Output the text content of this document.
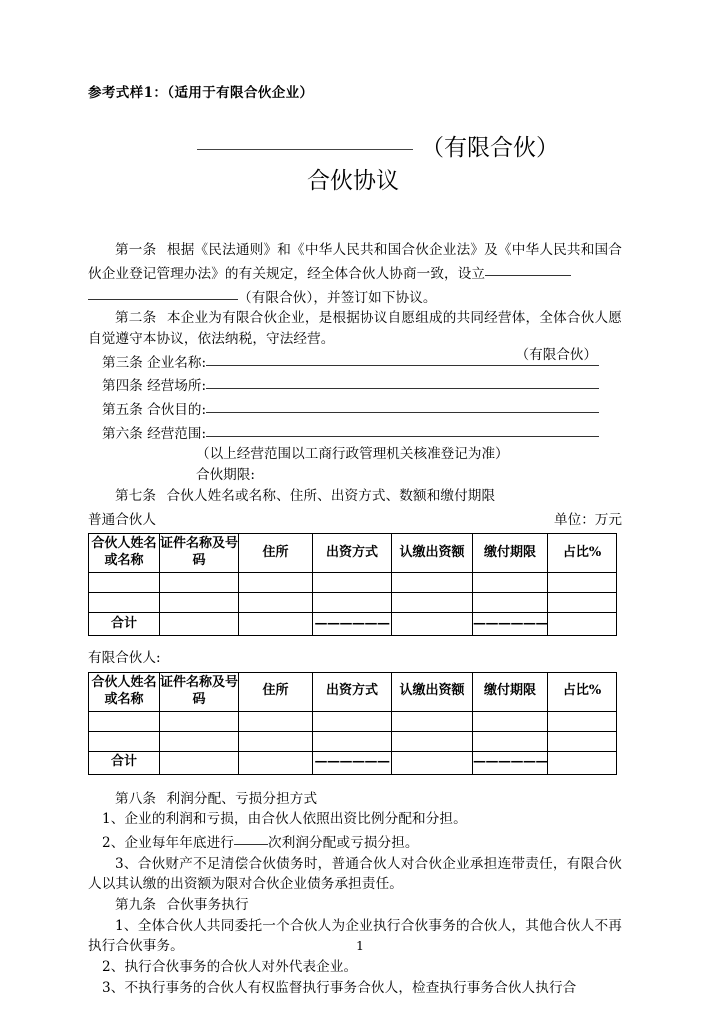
参考式样1：（适用于有限合伙企业）
（有限合伙）
合伙协议

第一条 根据《民法通则》和《中华人民共和国合伙企业法》及《中华人民共和国合伙企业登记管理办法》的有关规定，经全体合伙人协商一致，设立

（有限合伙），并签订如下协议。

第二条 本企业为有限合伙企业，是根据协议自愿组成的共同经营体，全体合伙人愿自觉遵守本协议，依法纳税，守法经营。

第三条 企业名称:	（有限合伙）
第四条 经营场所:
第五条 合伙目的:
第六条 经营范围:

（以上经营范围以工商行政管理机关核准登记为准）

合伙期限:

第七条 合伙人姓名或名称、住所、出资方式、数额和缴付期限

普通合伙人	单位：万元
合伙人姓名或名称	证件名称及号码	住所	出资方式	认缴出资额	缴付期限	占比%

合计			——————		——————	
有限合伙人:
合伙人姓名或名称	证件名称及号码	住所	出资方式	认缴出资额	缴付期限	占比%

合计			——————		——————	

第八条 利润分配、亏损分担方式

1、企业的利润和亏损，由合伙人依照出资比例分配和分担。

2、企业每年年底进行	次利润分配或亏损分担。

3、合伙财产不足清偿合伙债务时，普通合伙人对合伙企业承担连带责任，有限合伙人以其认缴的出资额为限对合伙企业债务承担责任。

第九条 合伙事务执行

1、全体合伙人共同委托一个合伙人为企业执行合伙事务的合伙人，其他合伙人不再执行合伙事务。

2、执行合伙事务的合伙人对外代表企业。

3、不执行事务的合伙人有权监督执行事务合伙人，检查执行事务合伙人执行合

1
